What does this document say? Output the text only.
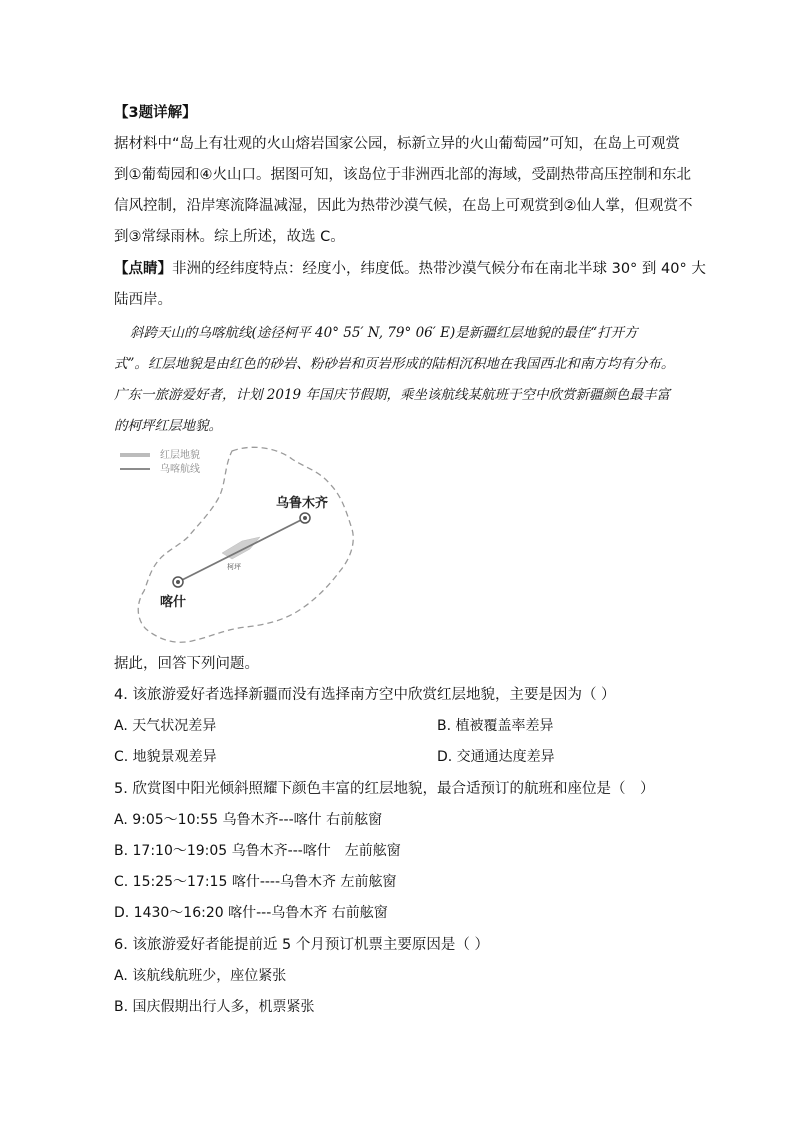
【3题详解】
据材料中“岛上有壮观的火山熔岩国家公园，标新立异的火山葡萄园”可知，在岛上可观赏
到①葡萄园和④火山口。据图可知，该岛位于非洲西北部的海域，受副热带高压控制和东北
信风控制，沿岸寒流降温减湿，因此为热带沙漠气候，在岛上可观赏到②仙人掌，但观赏不
到③常绿雨林。综上所述，故选 C。
【点睛】非洲的经纬度特点：经度小，纬度低。热带沙漠气候分布在南北半球 30° 到 40° 大
陆西岸。
斜跨天山的乌喀航线(途径柯平 40° 55′ N, 79° 06′ E)是新疆红层地貌的最佳“打开方
式”。红层地貌是由红色的砂岩、粉砂岩和页岩形成的陆相沉积地在我国西北和南方均有分布。
广东一旅游爱好者，计划 2019 年国庆节假期，乘坐该航线某航班于空中欣赏新疆颜色最丰富
的柯坪红层地貌。
红层地貌
乌喀航线
乌鲁木齐
喀什
柯坪
据此，回答下列问题。
4. 该旅游爱好者选择新疆而没有选择南方空中欣赏红层地貌，主要是因为（ ）
A. 天气状况差异	B. 植被覆盖率差异
C. 地貌景观差异	D. 交通通达度差异
5. 欣赏图中阳光倾斜照耀下颜色丰富的红层地貌，最合适预订的航班和座位是（　）
A. 9:05～10:55 乌鲁木齐---喀什 右前舷窗
B. 17:10～19:05 乌鲁木齐---喀什　左前舷窗
C. 15:25～17:15 喀什----乌鲁木齐 左前舷窗
D. 1430～16:20 喀什---乌鲁木齐 右前舷窗
6. 该旅游爱好者能提前近 5 个月预订机票主要原因是（ ）
A. 该航线航班少，座位紧张
B. 国庆假期出行人多，机票紧张
